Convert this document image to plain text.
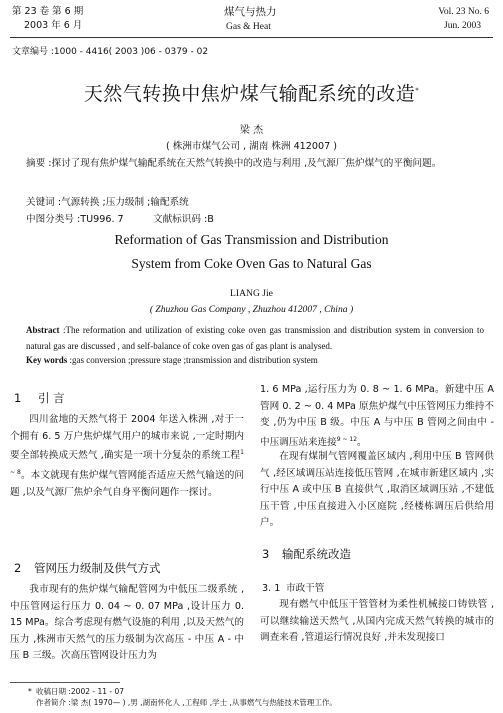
第 23 卷 第 6 期
2003 年 6 月
煤气与热力
Gas & Heat
Vol. 23 No. 6
Jun. 2003
文章编号 :1000 - 4416( 2003 )06 - 0379 - 02
天然气转换中焦炉煤气输配系统的改造*
梁 杰
( 株洲市煤气公司 , 湖南 株洲 412007 )
摘要 :探讨了现有焦炉煤气输配系统在天然气转换中的改造与利用 ,及气源厂焦炉煤气的平衡问题。
关键词 :气源转换 ;压力级制 ;输配系统
中图分类号 :TU996. 7	文献标识码 :B
Reformation of Gas Transmission and Distribution
System from Coke Oven Gas to Natural Gas
LIANG Jie
( Zhuzhou Gas Company , Zhuzhou 412007 , China )
Abstract :The reformation and utilization of existing coke oven gas transmission and distribution system in conversion to natural gas are discussed , and self-balance of coke oven gas of gas plant is analysed.
Key words :gas conversion ;pressure stage ;transmission and distribution system
1 引 言
四川盆地的天然气将于 2004 年送入株洲 ,对于一个拥有 6. 5 万户焦炉煤气用户的城市来说 ,一定时期内要全部转换成天然气 ,确实是一项十分复杂的系统工程$^{1 \sim 8}$。本文就现有焦炉煤气管网能否适应天然气输送的问题 ,以及气源厂焦炉余气自身平衡问题作一探讨。
2 管网压力级制及供气方式
我市现有的焦炉煤气输配管网为中低压二级系统 ,中压管网运行压力 0. 04 ~ 0. 07 MPa ,设计压力 0. 15 MPa。综合考虑现有燃气设施的利用 ,以及天然气的压力 ,株洲市天然气的压力级制为次高压 - 中压 A - 中压 B 三级。次高压管网设计压力为
1. 6 MPa ,运行压力为 0. 8 ~ 1. 6 MPa。新建中压 A 管网 0. 2 ~ 0. 4 MPa 原焦炉煤气中压管网压力维持不变 ,仍为中压 B 级。中压 A 与中压 B 管网之间由中 - 中压调压站来连接$^{9 \sim 12}$。
在现有煤制气管网覆盖区域内 ,利用中压 B 管网供气 ,经区域调压站连接低压管网 ,在城市新建区域内 ,实行中压 A 或中压 B 直接供气 ,取消区域调压站 ,不建低压干管 ,中压直接进入小区庭院 ,经楼栋调压后供给用户。
3 输配系统改造
3. 1 市政干管
现有燃气中低压干管管材为柔性机械接口铸铁管 ,可以继续输送天然气 ,从国内完成天然气转换的城市的调查来看 ,管道运行情况良好 ,并未发现接口
* 收稿日期 :2002 - 11 - 07
作者简介 :梁 杰( 1970— ) ,男 ,湖南怀化人 ,工程师 ,学士 ,从事燃气与热能技术管理工作。
